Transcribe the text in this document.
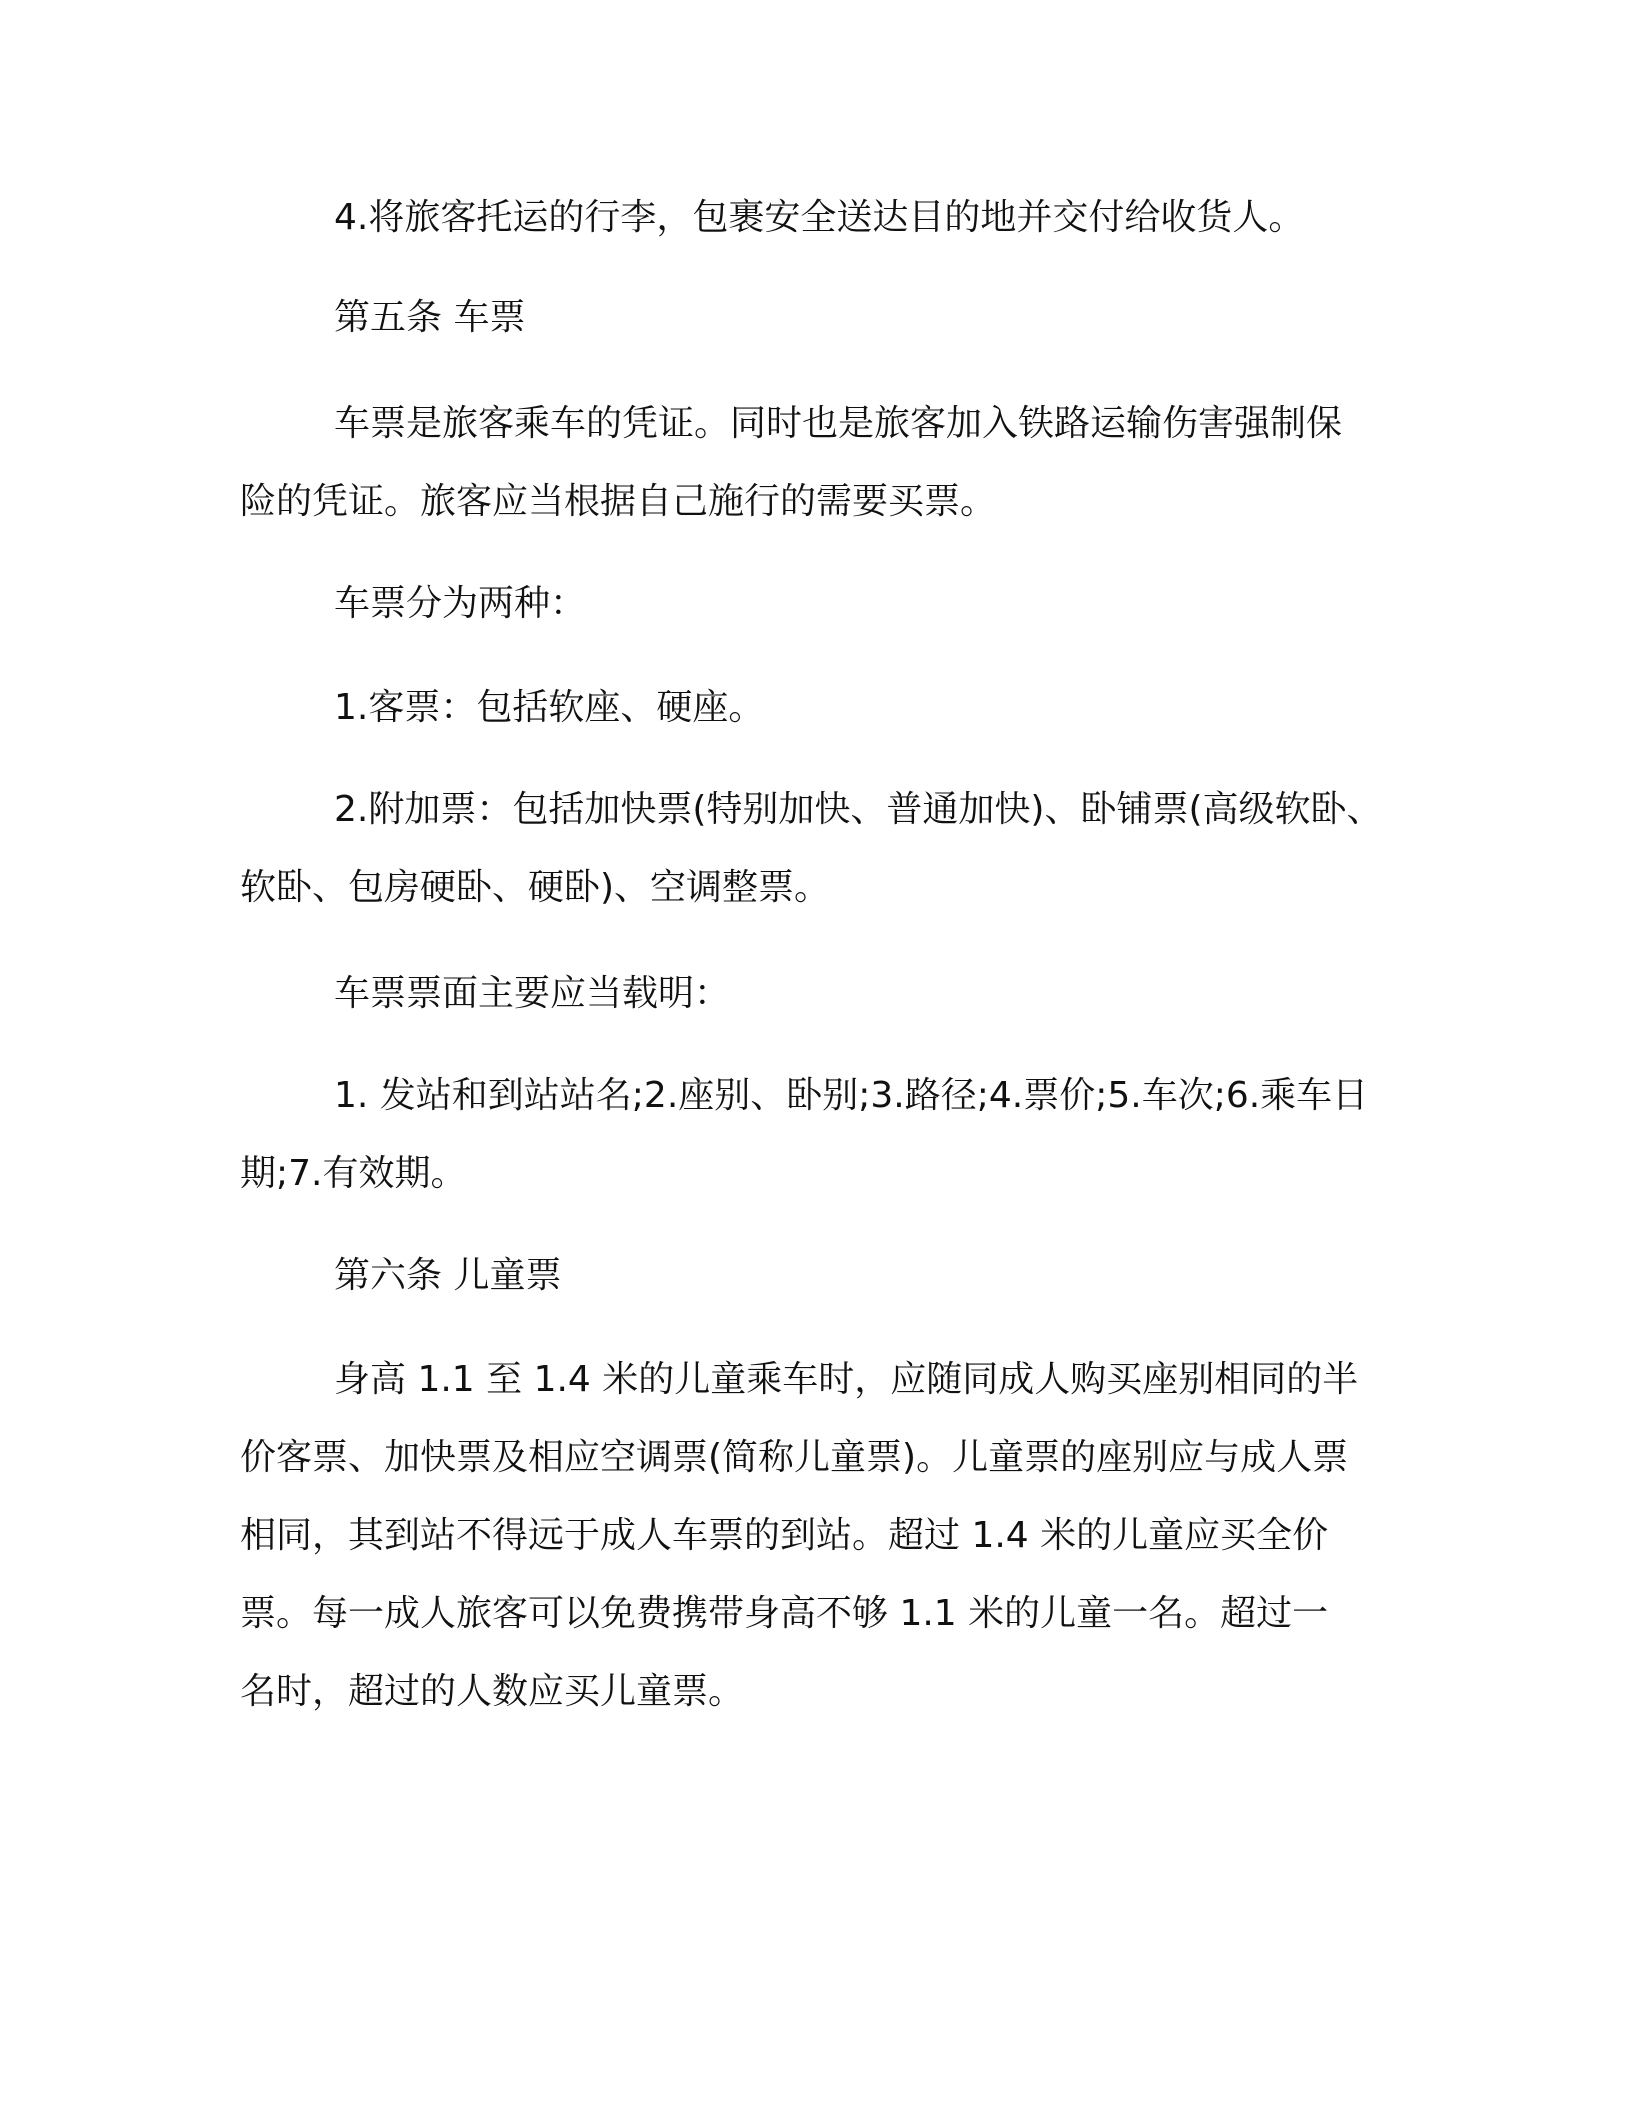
4.将旅客托运的行李，包裹安全送达目的地并交付给收货人。

第五条 车票

车票是旅客乘车的凭证。同时也是旅客加入铁路运输伤害强制保

险的凭证。旅客应当根据自己施行的需要买票。

车票分为两种：

1.客票：包括软座、硬座。

2.附加票：包括加快票(特别加快、普通加快)、卧铺票(高级软卧、

软卧、包房硬卧、硬卧)、空调整票。

车票票面主要应当载明：

1. 发站和到站站名;2.座别、卧别;3.路径;4.票价;5.车次;6.乘车日

期;7.有效期。

第六条 儿童票

身高 1.1 至 1.4 米的儿童乘车时，应随同成人购买座别相同的半

价客票、加快票及相应空调票(简称儿童票)。儿童票的座别应与成人票

相同，其到站不得远于成人车票的到站。超过 1.4 米的儿童应买全价

票。每一成人旅客可以免费携带身高不够 1.1 米的儿童一名。超过一

名时，超过的人数应买儿童票。
